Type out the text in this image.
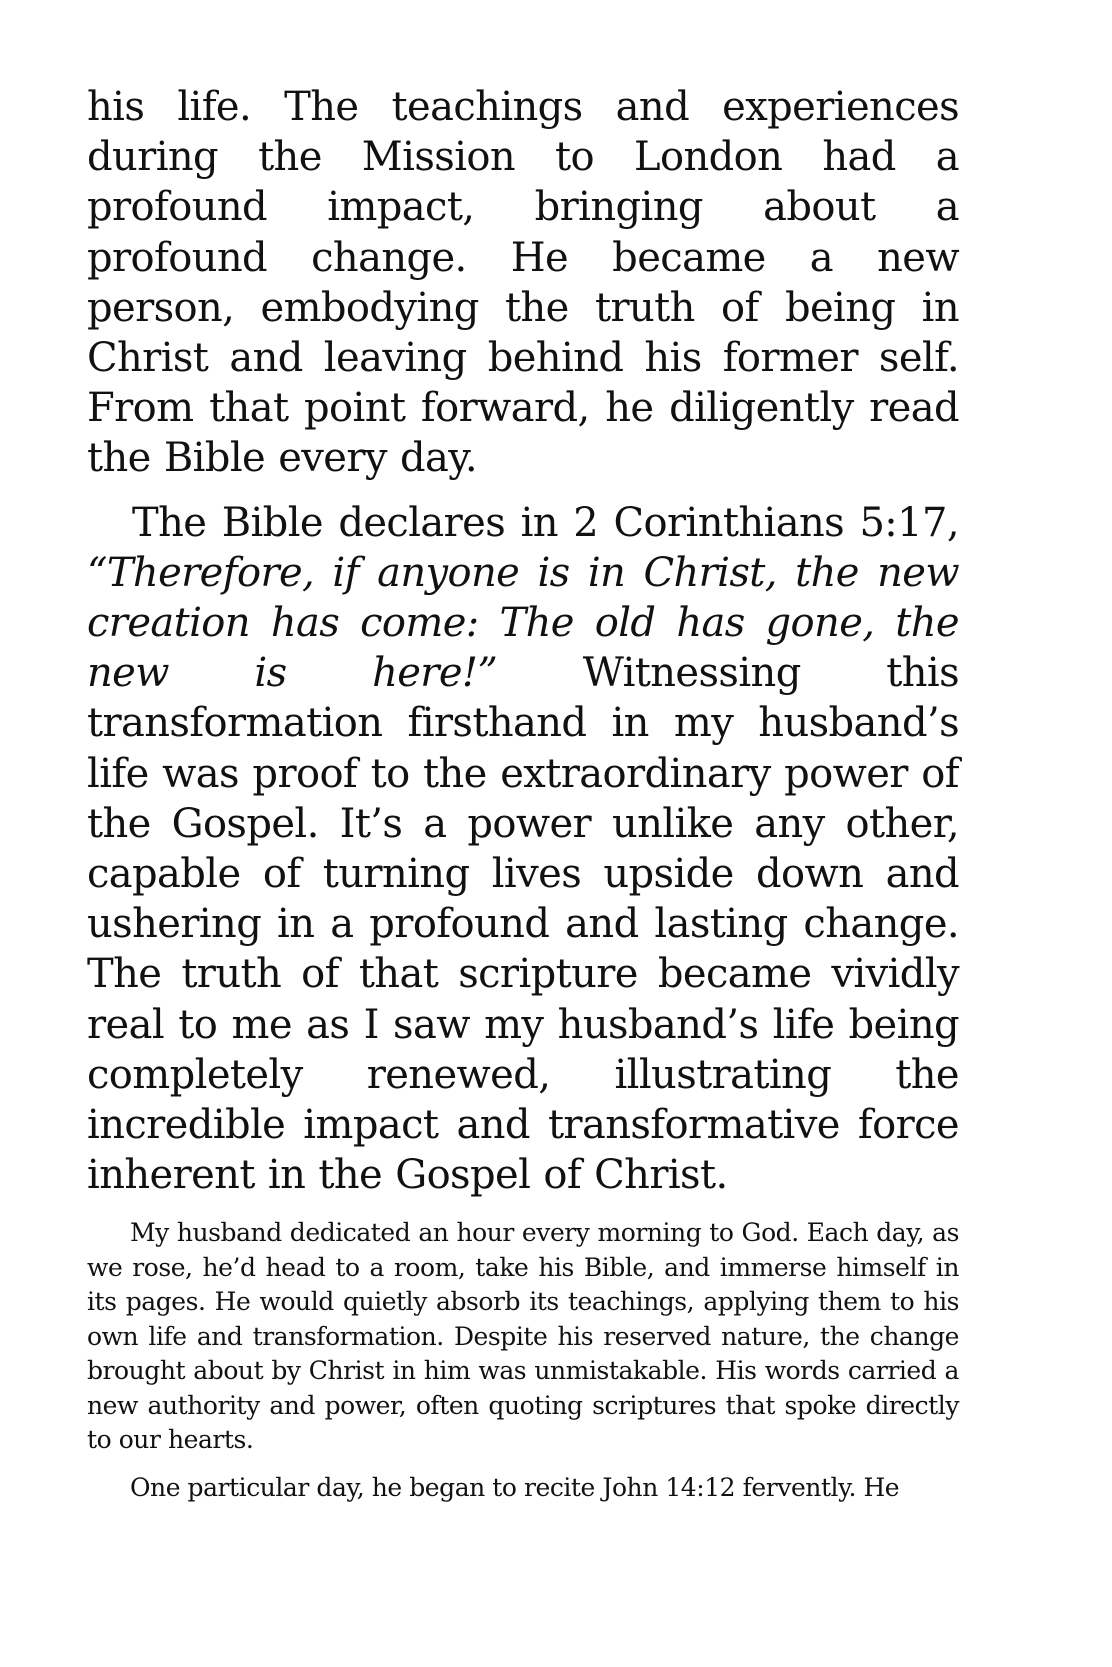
his life. The teachings and experiences during the Mission to London had a profound impact, bringing about a profound change. He became a new person, embodying the truth of being in Christ and leaving behind his former self. From that point forward, he diligently read the Bible every day.

The Bible declares in 2 Corinthians 5:17, “Therefore, if anyone is in Christ, the new creation has come: The old has gone, the new is here!” Witnessing this transformation firsthand in my husband’s life was proof to the extraordinary power of the Gospel. It’s a power unlike any other, capable of turning lives upside down and ushering in a profound and lasting change. The truth of that scripture became vividly real to me as I saw my husband’s life being completely renewed, illustrating the incredible impact and transformative force inherent in the Gospel of Christ.

My husband dedicated an hour every morning to God. Each day, as we rose, he’d head to a room, take his Bible, and immerse himself in its pages. He would quietly absorb its teachings, applying them to his own life and transformation. Despite his reserved nature, the change brought about by Christ in him was unmistakable. His words carried a new authority and power, often quoting scriptures that spoke directly to our hearts.

One particular day, he began to recite John 14:12 fervently. He
